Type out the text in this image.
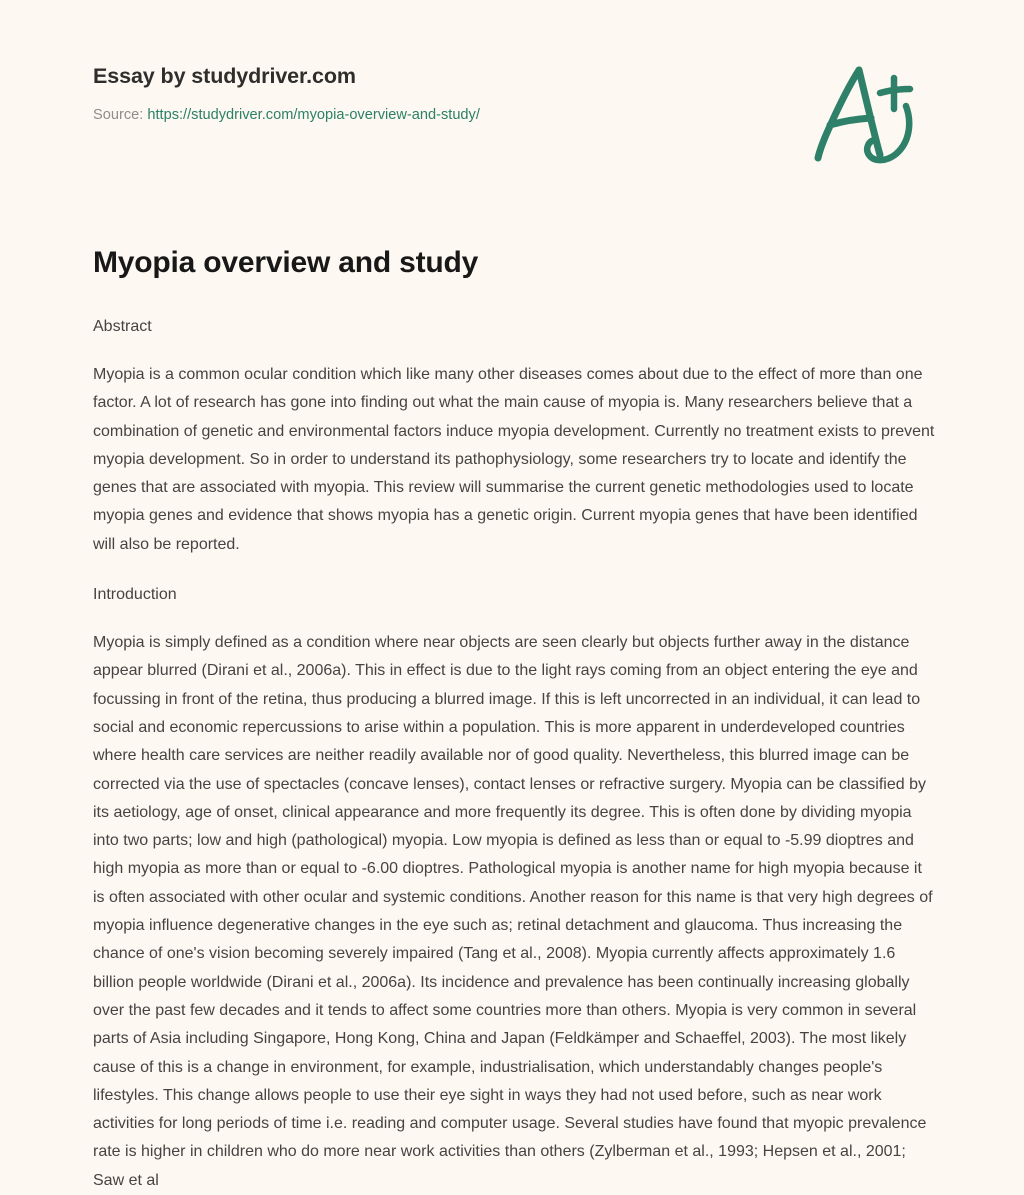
Essay by studydriver.com
Source: https://studydriver.com/myopia-overview-and-study/
Myopia overview and study
Abstract

Myopia is a common ocular condition which like many other diseases comes about due to the effect of more than one factor. A lot of research has gone into finding out what the main cause of myopia is. Many researchers believe that a combination of genetic and environmental factors induce myopia development. Currently no treatment exists to prevent myopia development. So in order to understand its pathophysiology, some researchers try to locate and identify the genes that are associated with myopia. This review will summarise the current genetic methodologies used to locate myopia genes and evidence that shows myopia has a genetic origin. Current myopia genes that have been identified will also be reported.

Introduction

Myopia is simply defined as a condition where near objects are seen clearly but objects further away in the distance appear blurred (Dirani et al., 2006a). This in effect is due to the light rays coming from an object entering the eye and focussing in front of the retina, thus producing a blurred image. If this is left uncorrected in an individual, it can lead to social and economic repercussions to arise within a population. This is more apparent in underdeveloped countries where health care services are neither readily available nor of good quality. Nevertheless, this blurred image can be corrected via the use of spectacles (concave lenses), contact lenses or refractive surgery. Myopia can be classified by its aetiology, age of onset, clinical appearance and more frequently its degree. This is often done by dividing myopia into two parts; low and high (pathological) myopia. Low myopia is defined as less than or equal to -5.99 dioptres and high myopia as more than or equal to -6.00 dioptres. Pathological myopia is another name for high myopia because it is often associated with other ocular and systemic conditions. Another reason for this name is that very high degrees of myopia influence degenerative changes in the eye such as; retinal detachment and glaucoma. Thus increasing the chance of one's vision becoming severely impaired (Tang et al., 2008). Myopia currently affects approximately 1.6 billion people worldwide (Dirani et al., 2006a). Its incidence and prevalence has been continually increasing globally over the past few decades and it tends to affect some countries more than others. Myopia is very common in several parts of Asia including Singapore, Hong Kong, China and Japan (Feldkämper and Schaeffel, 2003). The most likely cause of this is a change in environment, for example, industrialisation, which understandably changes people's lifestyles. This change allows people to use their eye sight in ways they had not used before, such as near work activities for long periods of time i.e. reading and computer usage. Several studies have found that myopic prevalence rate is higher in children who do more near work activities than others (Zylberman et al., 1993; Hepsen et al., 2001; Saw et al
